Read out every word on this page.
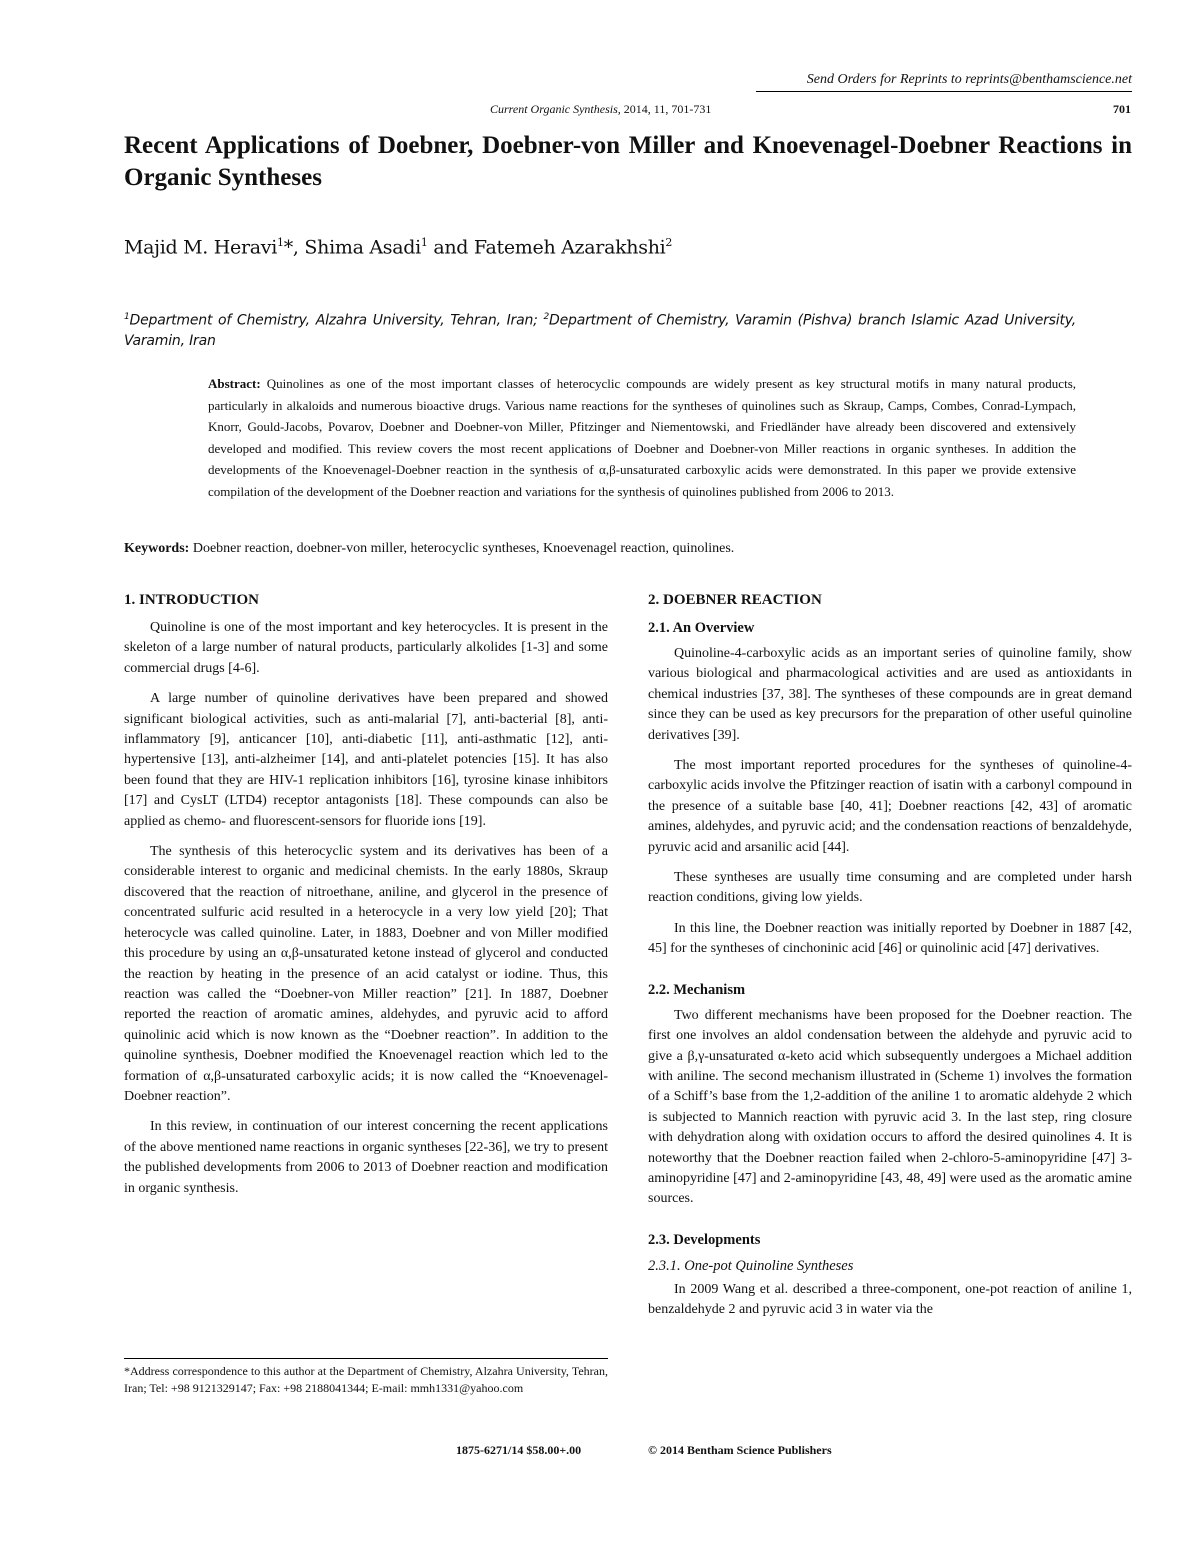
Send Orders for Reprints to reprints@benthamscience.net
Current Organic Synthesis, 2014, 11, 701-731	701
Recent Applications of Doebner, Doebner-von Miller and Knoevenagel-Doebner Reactions in Organic Syntheses
Majid M. Heravi$^1$*, Shima Asadi$^1$ and Fatemeh Azarakhshi$^2$
$^1$Department of Chemistry, Alzahra University, Tehran, Iran; $^2$Department of Chemistry, Varamin (Pishva) branch Islamic Azad University, Varamin, Iran
Abstract: Quinolines as one of the most important classes of heterocyclic compounds are widely present as key structural motifs in many natural products, particularly in alkaloids and numerous bioactive drugs. Various name reactions for the syntheses of quinolines such as Skraup, Camps, Combes, Conrad-Lympach, Knorr, Gould-Jacobs, Povarov, Doebner and Doebner-von Miller, Pfitzinger and Niementowski, and Friedländer have already been discovered and extensively developed and modified. This review covers the most recent applications of Doebner and Doebner-von Miller reactions in organic syntheses. In addition the developments of the Knoevenagel-Doebner reaction in the synthesis of α,β-unsaturated carboxylic acids were demonstrated. In this paper we provide extensive compilation of the development of the Doebner reaction and variations for the synthesis of quinolines published from 2006 to 2013.
Keywords: Doebner reaction, doebner-von miller, heterocyclic syntheses, Knoevenagel reaction, quinolines.
1. INTRODUCTION

Quinoline is one of the most important and key heterocycles. It is present in the skeleton of a large number of natural products, particularly alkolides [1-3] and some commercial drugs [4-6].

A large number of quinoline derivatives have been prepared and showed significant biological activities, such as anti-malarial [7], anti-bacterial [8], anti-inflammatory [9], anticancer [10], anti-diabetic [11], anti-asthmatic [12], anti-hypertensive [13], anti-alzheimer [14], and anti-platelet potencies [15]. It has also been found that they are HIV-1 replication inhibitors [16], tyrosine kinase inhibitors [17] and CysLT (LTD4) receptor antagonists [18]. These compounds can also be applied as chemo- and fluorescent-sensors for fluoride ions [19].

The synthesis of this heterocyclic system and its derivatives has been of a considerable interest to organic and medicinal chemists. In the early 1880s, Skraup discovered that the reaction of nitroethane, aniline, and glycerol in the presence of concentrated sulfuric acid resulted in a heterocycle in a very low yield [20]; That heterocycle was called quinoline. Later, in 1883, Doebner and von Miller modified this procedure by using an α,β-unsaturated ketone instead of glycerol and conducted the reaction by heating in the presence of an acid catalyst or iodine. Thus, this reaction was called the “Doebner-von Miller reaction” [21]. In 1887, Doebner reported the reaction of aromatic amines, aldehydes, and pyruvic acid to afford quinolinic acid which is now known as the “Doebner reaction”. In addition to the quinoline synthesis, Doebner modified the Knoevenagel reaction which led to the formation of α,β-unsaturated carboxylic acids; it is now called the “Knoevenagel-Doebner reaction”.

In this review, in continuation of our interest concerning the recent applications of the above mentioned name reactions in organic syntheses [22-36], we try to present the published developments from 2006 to 2013 of Doebner reaction and modification in organic synthesis.

*Address correspondence to this author at the Department of Chemistry, Alzahra University, Tehran, Iran; Tel: +98 9121329147; Fax: +98 2188041344; E-mail: mmh1331@yahoo.com
2. DOEBNER REACTION
2.1. An Overview

Quinoline-4-carboxylic acids as an important series of quinoline family, show various biological and pharmacological activities and are used as antioxidants in chemical industries [37, 38]. The syntheses of these compounds are in great demand since they can be used as key precursors for the preparation of other useful quinoline derivatives [39].

The most important reported procedures for the syntheses of quinoline-4-carboxylic acids involve the Pfitzinger reaction of isatin with a carbonyl compound in the presence of a suitable base [40, 41]; Doebner reactions [42, 43] of aromatic amines, aldehydes, and pyruvic acid; and the condensation reactions of benzaldehyde, pyruvic acid and arsanilic acid [44].

These syntheses are usually time consuming and are completed under harsh reaction conditions, giving low yields.

In this line, the Doebner reaction was initially reported by Doebner in 1887 [42, 45] for the syntheses of cinchoninic acid [46] or quinolinic acid [47] derivatives.

2.2. Mechanism

Two different mechanisms have been proposed for the Doebner reaction. The first one involves an aldol condensation between the aldehyde and pyruvic acid to give a β,γ-unsaturated α-keto acid which subsequently undergoes a Michael addition with aniline. The second mechanism illustrated in (Scheme 1) involves the formation of a Schiff’s base from the 1,2-addition of the aniline 1 to aromatic aldehyde 2 which is subjected to Mannich reaction with pyruvic acid 3. In the last step, ring closure with dehydration along with oxidation occurs to afford the desired quinolines 4. It is noteworthy that the Doebner reaction failed when 2-chloro-5-aminopyridine [47] 3-aminopyridine [47] and 2-aminopyridine [43, 48, 49] were used as the aromatic amine sources.

2.3. Developments
2.3.1. One-pot Quinoline Syntheses

In 2009 Wang et al. described a three-component, one-pot reaction of aniline 1, benzaldehyde 2 and pyruvic acid 3 in water via the

1875-6271/14 $58.00+.00	© 2014 Bentham Science Publishers
